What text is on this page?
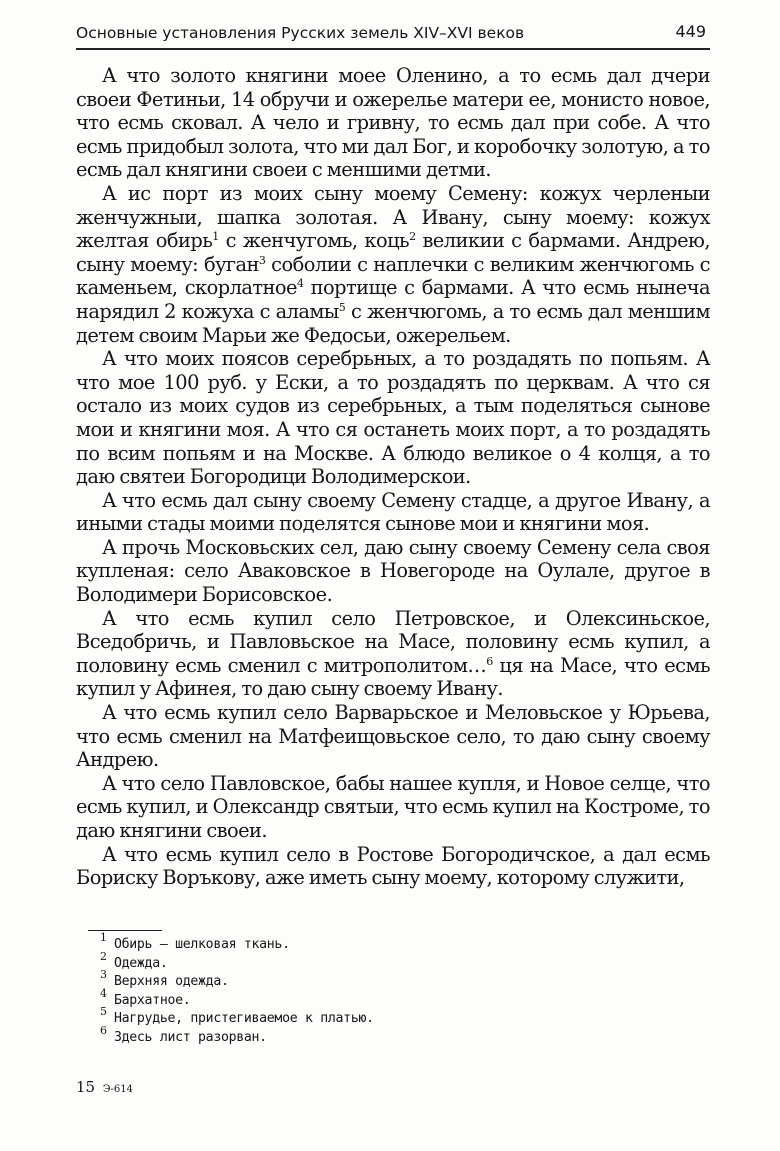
Основные установления Русских земель XIV–XVI веков	449

А что золото княгини моее Оленино, а то есмь дал дчери своеи Фетиньи, 14 обручи и ожерелье матери ее, монисто новое, что есмь сковал. А чело и гривну, то есмь дал при собе. А что есмь придобыл золота, что ми дал Бог, и коробочку золотую, а то есмь дал княгини своеи с меншими детми.

А ис порт из моих сыну моему Семену: кожух черленыи женчужныи, шапка золотая. А Ивану, сыну моему: кожух желтая обирь$^1$ с женчугомь, коць$^2$ великии с бармами. Андрею, сыну моему: буган$^3$ соболии с наплечки с великим женчюгомь с каменьем, скорлатное$^4$ портище с бармами. А что есмь нынеча нарядил 2 кожуха с аламы$^5$ с женчюгомь, а то есмь дал меншим детем своим Марьи же Федосьи, ожерельем.

А что моих поясов серебрьных, а то роздадять по попьям. А что мое 100 руб. у Ески, а то роздадять по церквам. А что ся остало из моих судов из серебрьных, а тым поделяться сынове мои и княгини моя. А что ся останеть моих порт, а то роздадять по всим попьям и на Москве. А блюдо великое о 4 колця, а то даю святеи Богородици Володимерскои.

А что есмь дал сыну своему Семену стадце, а другое Ивану, а иными стады моими поделятся сынове мои и княгини моя.

А прочь Московьских сел, даю сыну своему Семену села своя купленая: село Аваковское в Новегороде на Оулале, другое в Володимери Борисовское.

А что есмь купил село Петровское, и Олексиньское, Вседобричь, и Павловьское на Масе, половину есмь купил, а половину есмь сменил с митрополитом…$^6$ ця на Масе, что есмь купил у Афинея, то даю сыну своему Ивану.

А что есмь купил село Варварьское и Меловьское у Юрьева, что есмь сменил на Матфеищовьское село, то даю сыну своему Андрею.

А что село Павловское, бабы нашее купля, и Новое селце, что есмь купил, и Олександр святыи, что есмь купил на Костроме, то даю княгини своеи.

А что есмь купил село в Ростове Богородичское, а дал есмь Бориску Воръкову, аже иметь сыну моему, которому служити,

1 Обирь — шелковая ткань.
2 Одежда.
3 Верхняя одежда.
4 Бархатное.
5 Нагрудье, пристегиваемое к платью.
6 Здесь лист разорван.
15 Э-614
